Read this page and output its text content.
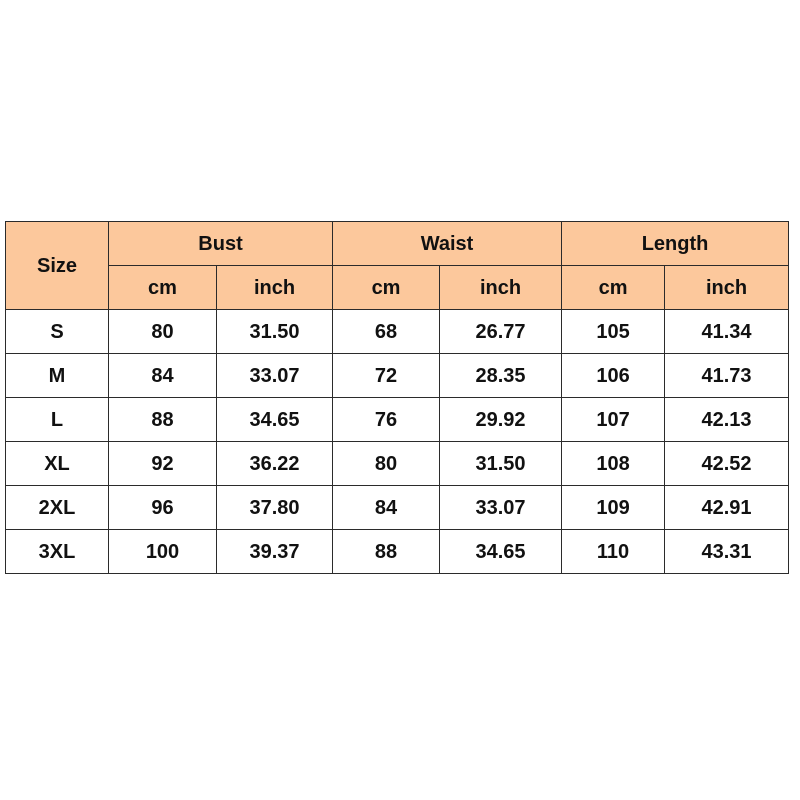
Size	Bust		Waist		Length	
	cm	inch	cm	inch	cm	inch
S	80	31.50	68	26.77	105	41.34
M	84	33.07	72	28.35	106	41.73
L	88	34.65	76	29.92	107	42.13
XL	92	36.22	80	31.50	108	42.52
2XL	96	37.80	84	33.07	109	42.91
3XL	100	39.37	88	34.65	110	43.31
